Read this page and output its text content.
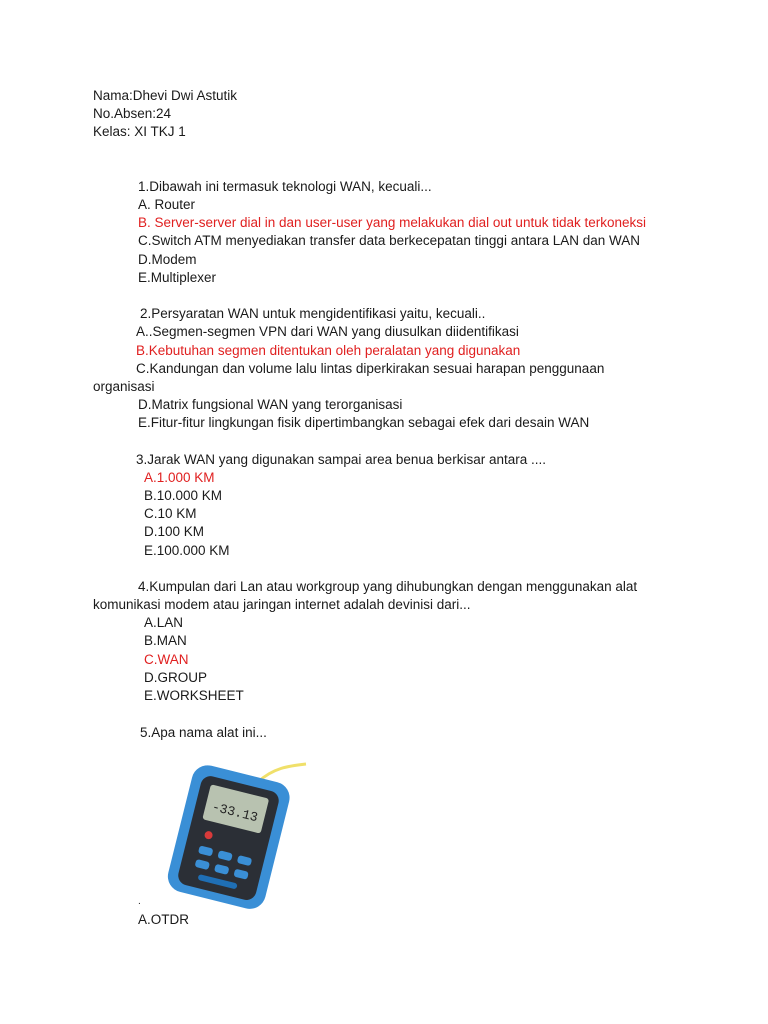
Nama:Dhevi Dwi Astutik
No.Absen:24
Kelas: XI TKJ 1
1.Dibawah ini termasuk teknologi WAN, kecuali...
A. Router
B. Server-server dial in dan user-user yang melakukan dial out untuk tidak terkoneksi
C.Switch ATM menyediakan transfer data berkecepatan tinggi antara LAN dan WAN
D.Modem
E.Multiplexer
2.Persyaratan WAN untuk mengidentifikasi yaitu, kecuali..
A..Segmen-segmen VPN dari WAN yang diusulkan diidentifikasi
B.Kebutuhan segmen ditentukan oleh peralatan yang digunakan
C.Kandungan dan volume lalu lintas diperkirakan sesuai harapan penggunaan
organisasi
D.Matrix fungsional WAN yang terorganisasi
E.Fitur-fitur lingkungan fisik dipertimbangkan sebagai efek dari desain WAN
3.Jarak WAN yang digunakan sampai area benua berkisar antara ....
A.1.000 KM
B.10.000 KM
C.10 KM
D.100 KM
E.100.000 KM
4.Kumpulan dari Lan atau workgroup yang dihubungkan dengan menggunakan alat
komunikasi modem atau jaringan internet adalah devinisi dari...
A.LAN
B.MAN
C.WAN
D.GROUP
E.WORKSHEET
5.Apa nama alat ini...
-33.13
.
A.OTDR
